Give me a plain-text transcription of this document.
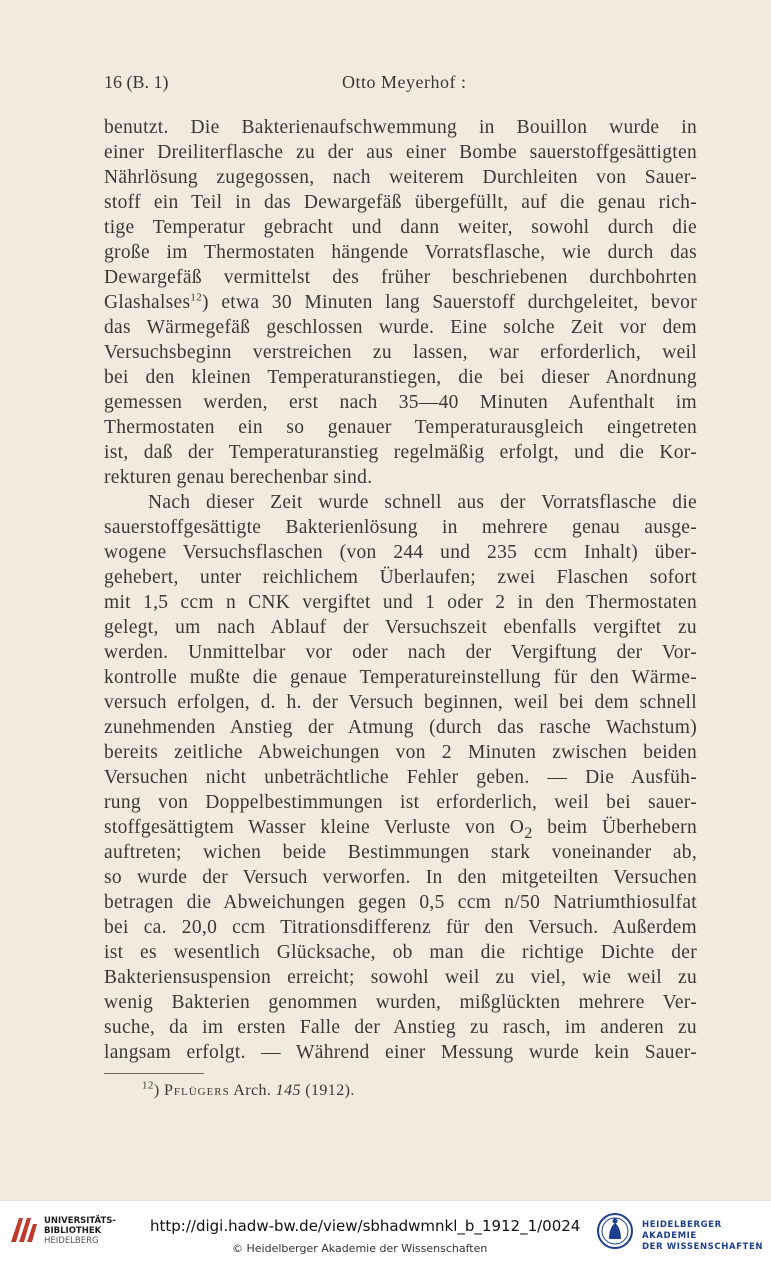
16 (B. 1)	Otto Meyerhof :
benutzt. Die Bakterienaufschwemmung in Bouillon wurde in
einer Dreiliterflasche zu der aus einer Bombe sauerstoffgesättigten
Nährlösung zugegossen, nach weiterem Durchleiten von Sauer-
stoff ein Teil in das Dewargefäß übergefüllt, auf die genau rich-
tige Temperatur gebracht und dann weiter, sowohl durch die
große im Thermostaten hängende Vorratsflasche, wie durch das
Dewargefäß vermittelst des früher beschriebenen durchbohrten
Glashalses$^{12}$) etwa 30 Minuten lang Sauerstoff durchgeleitet, bevor
das Wärmegefäß geschlossen wurde. Eine solche Zeit vor dem
Versuchsbeginn verstreichen zu lassen, war erforderlich, weil
bei den kleinen Temperaturanstiegen, die bei dieser Anordnung
gemessen werden, erst nach 35—40 Minuten Aufenthalt im
Thermostaten ein so genauer Temperaturausgleich eingetreten
ist, daß der Temperaturanstieg regelmäßig erfolgt, und die Kor-
rekturen genau berechenbar sind.
Nach dieser Zeit wurde schnell aus der Vorratsflasche die
sauerstoffgesättigte Bakterienlösung in mehrere genau ausge-
wogene Versuchsflaschen (von 244 und 235 ccm Inhalt) über-
gehebert, unter reichlichem Überlaufen; zwei Flaschen sofort
mit 1,5 ccm n CNK vergiftet und 1 oder 2 in den Thermostaten
gelegt, um nach Ablauf der Versuchszeit ebenfalls vergiftet zu
werden. Unmittelbar vor oder nach der Vergiftung der Vor-
kontrolle mußte die genaue Temperatureinstellung für den Wärme-
versuch erfolgen, d. h. der Versuch beginnen, weil bei dem schnell
zunehmenden Anstieg der Atmung (durch das rasche Wachstum)
bereits zeitliche Abweichungen von 2 Minuten zwischen beiden
Versuchen nicht unbeträchtliche Fehler geben. — Die Ausfüh-
rung von Doppelbestimmungen ist erforderlich, weil bei sauer-
stoffgesättigtem Wasser kleine Verluste von $O_2$ beim Überhebern
auftreten; wichen beide Bestimmungen stark voneinander ab,
so wurde der Versuch verworfen. In den mitgeteilten Versuchen
betragen die Abweichungen gegen 0,5 ccm n/50 Natriumthiosulfat
bei ca. 20,0 ccm Titrationsdifferenz für den Versuch. Außerdem
ist es wesentlich Glücksache, ob man die richtige Dichte der
Bakteriensuspension erreicht; sowohl weil zu viel, wie weil zu
wenig Bakterien genommen wurden, mißglückten mehrere Ver-
suche, da im ersten Falle der Anstieg zu rasch, im anderen zu
langsam erfolgt. — Während einer Messung wurde kein Sauer-
$^{12}$) Pflügers Arch. 145 (1912).
UNIVERSITÄTS-
BIBLIOTHEK
HEIDELBERG
http://digi.hadw-bw.de/view/sbhadwmnkl_b_1912_1/0024
© Heidelberger Akademie der Wissenschaften
HEIDELBERGER AKADEMIE
DER WISSENSCHAFTEN
